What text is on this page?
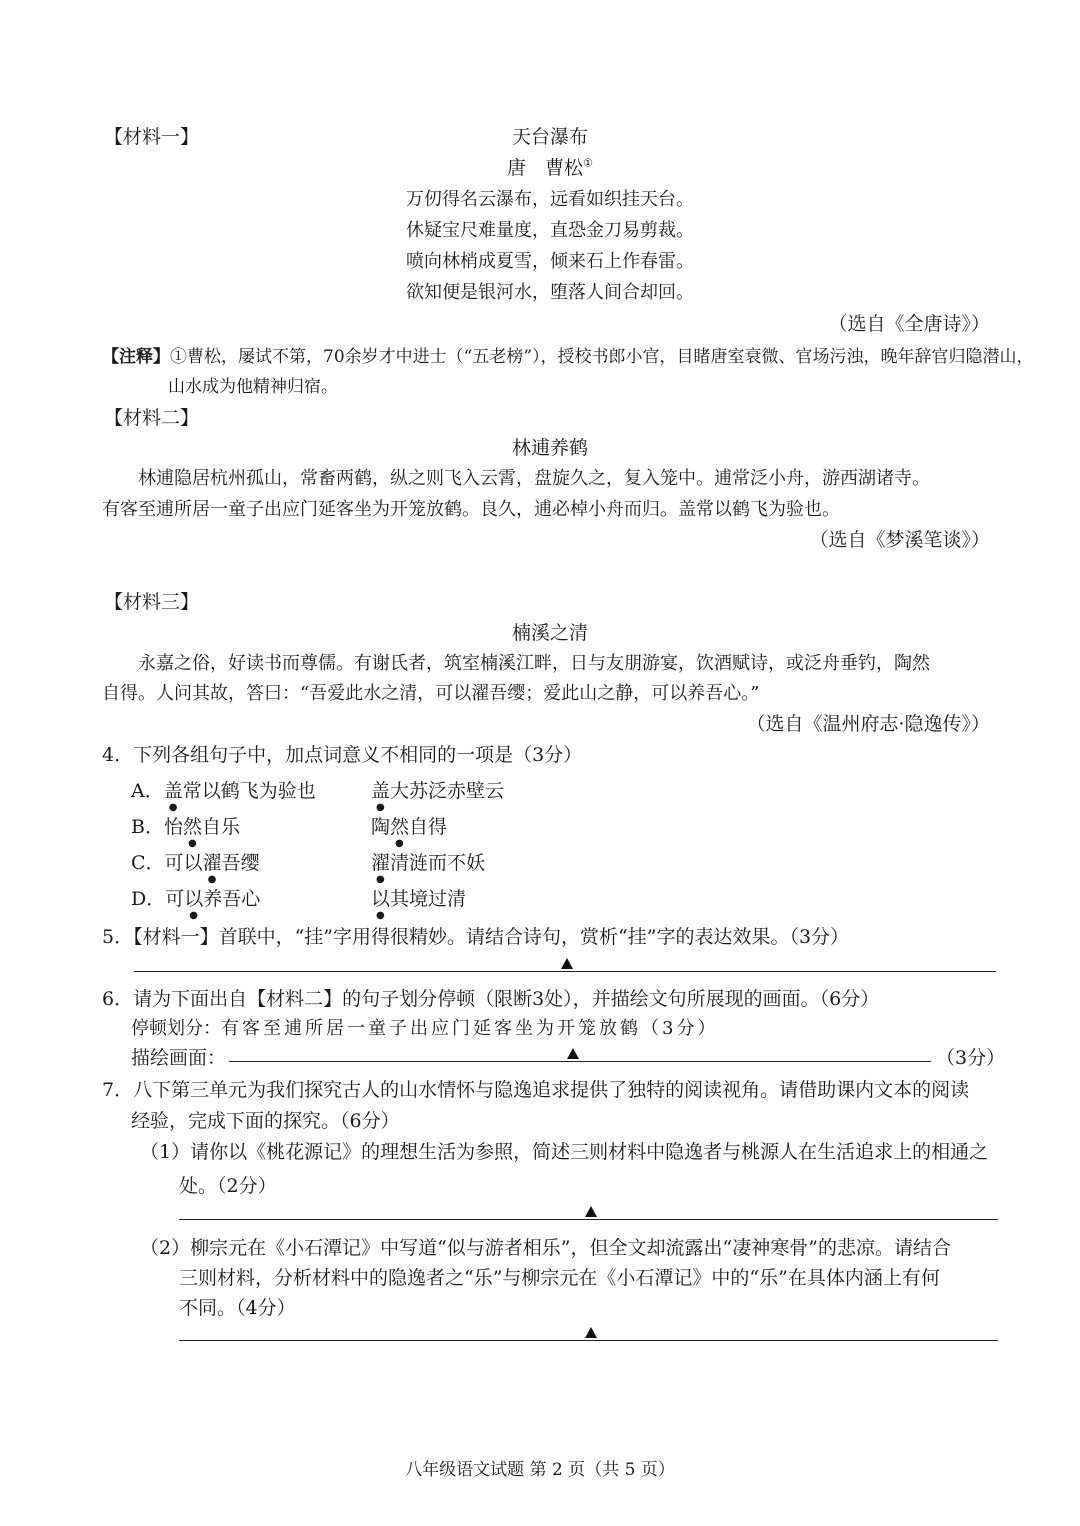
【材料一】	天台瀑布
唐　曹松①
万仞得名云瀑布，远看如织挂天台。
休疑宝尺难量度，直恐金刀易剪裁。
喷向林梢成夏雪，倾来石上作春雷。
欲知便是银河水，堕落人间合却回。
（选自《全唐诗》）
【注释】①曹松，屡试不第，70余岁才中进士（“五老榜”），授校书郎小官，目睹唐室衰微、官场污浊，晚年辞官归隐潜山，
山水成为他精神归宿。
【材料二】
林逋养鹤
林逋隐居杭州孤山，常畜两鹤，纵之则飞入云霄，盘旋久之，复入笼中。逋常泛小舟，游西湖诸寺。
有客至逋所居一童子出应门延客坐为开笼放鹤。良久，逋必棹小舟而归。盖常以鹤飞为验也。
（选自《梦溪笔谈》）
【材料三】
楠溪之清
永嘉之俗，好读书而尊儒。有谢氏者，筑室楠溪江畔，日与友朋游宴，饮酒赋诗，或泛舟垂钓，陶然
自得。人问其故，答曰：“吾爱此水之清，可以濯吾缨；爱此山之静，可以养吾心。”
（选自《温州府志·隐逸传》）
4．下列各组句子中，加点词意义不相同的一项是（3分）
A．盖常以鹤飞为验也	盖大苏泛赤壁云
B．怡然自乐	陶然自得
C．可以濯吾缨	濯清涟而不妖
D．可以养吾心	以其境过清
5．【材料一】首联中，“挂”字用得很精妙。请结合诗句，赏析“挂”字的表达效果。（3分）
6．请为下面出自【材料二】的句子划分停顿（限断3处），并描绘文句所展现的画面。（6分）
停顿划分：有客至逋所居一童子出应门延客坐为开笼放鹤（3分）
描绘画面：	（3分）
7．八下第三单元为我们探究古人的山水情怀与隐逸追求提供了独特的阅读视角。请借助课内文本的阅读
经验，完成下面的探究。（6分）
（1）请你以《桃花源记》的理想生活为参照，简述三则材料中隐逸者与桃源人在生活追求上的相通之
处。（2分）
（2）柳宗元在《小石潭记》中写道“似与游者相乐”，但全文却流露出“凄神寒骨”的悲凉。请结合
三则材料，分析材料中的隐逸者之“乐”与柳宗元在《小石潭记》中的“乐”在具体内涵上有何
不同。（4分）
八年级语文试题 第 2 页（共 5 页）
